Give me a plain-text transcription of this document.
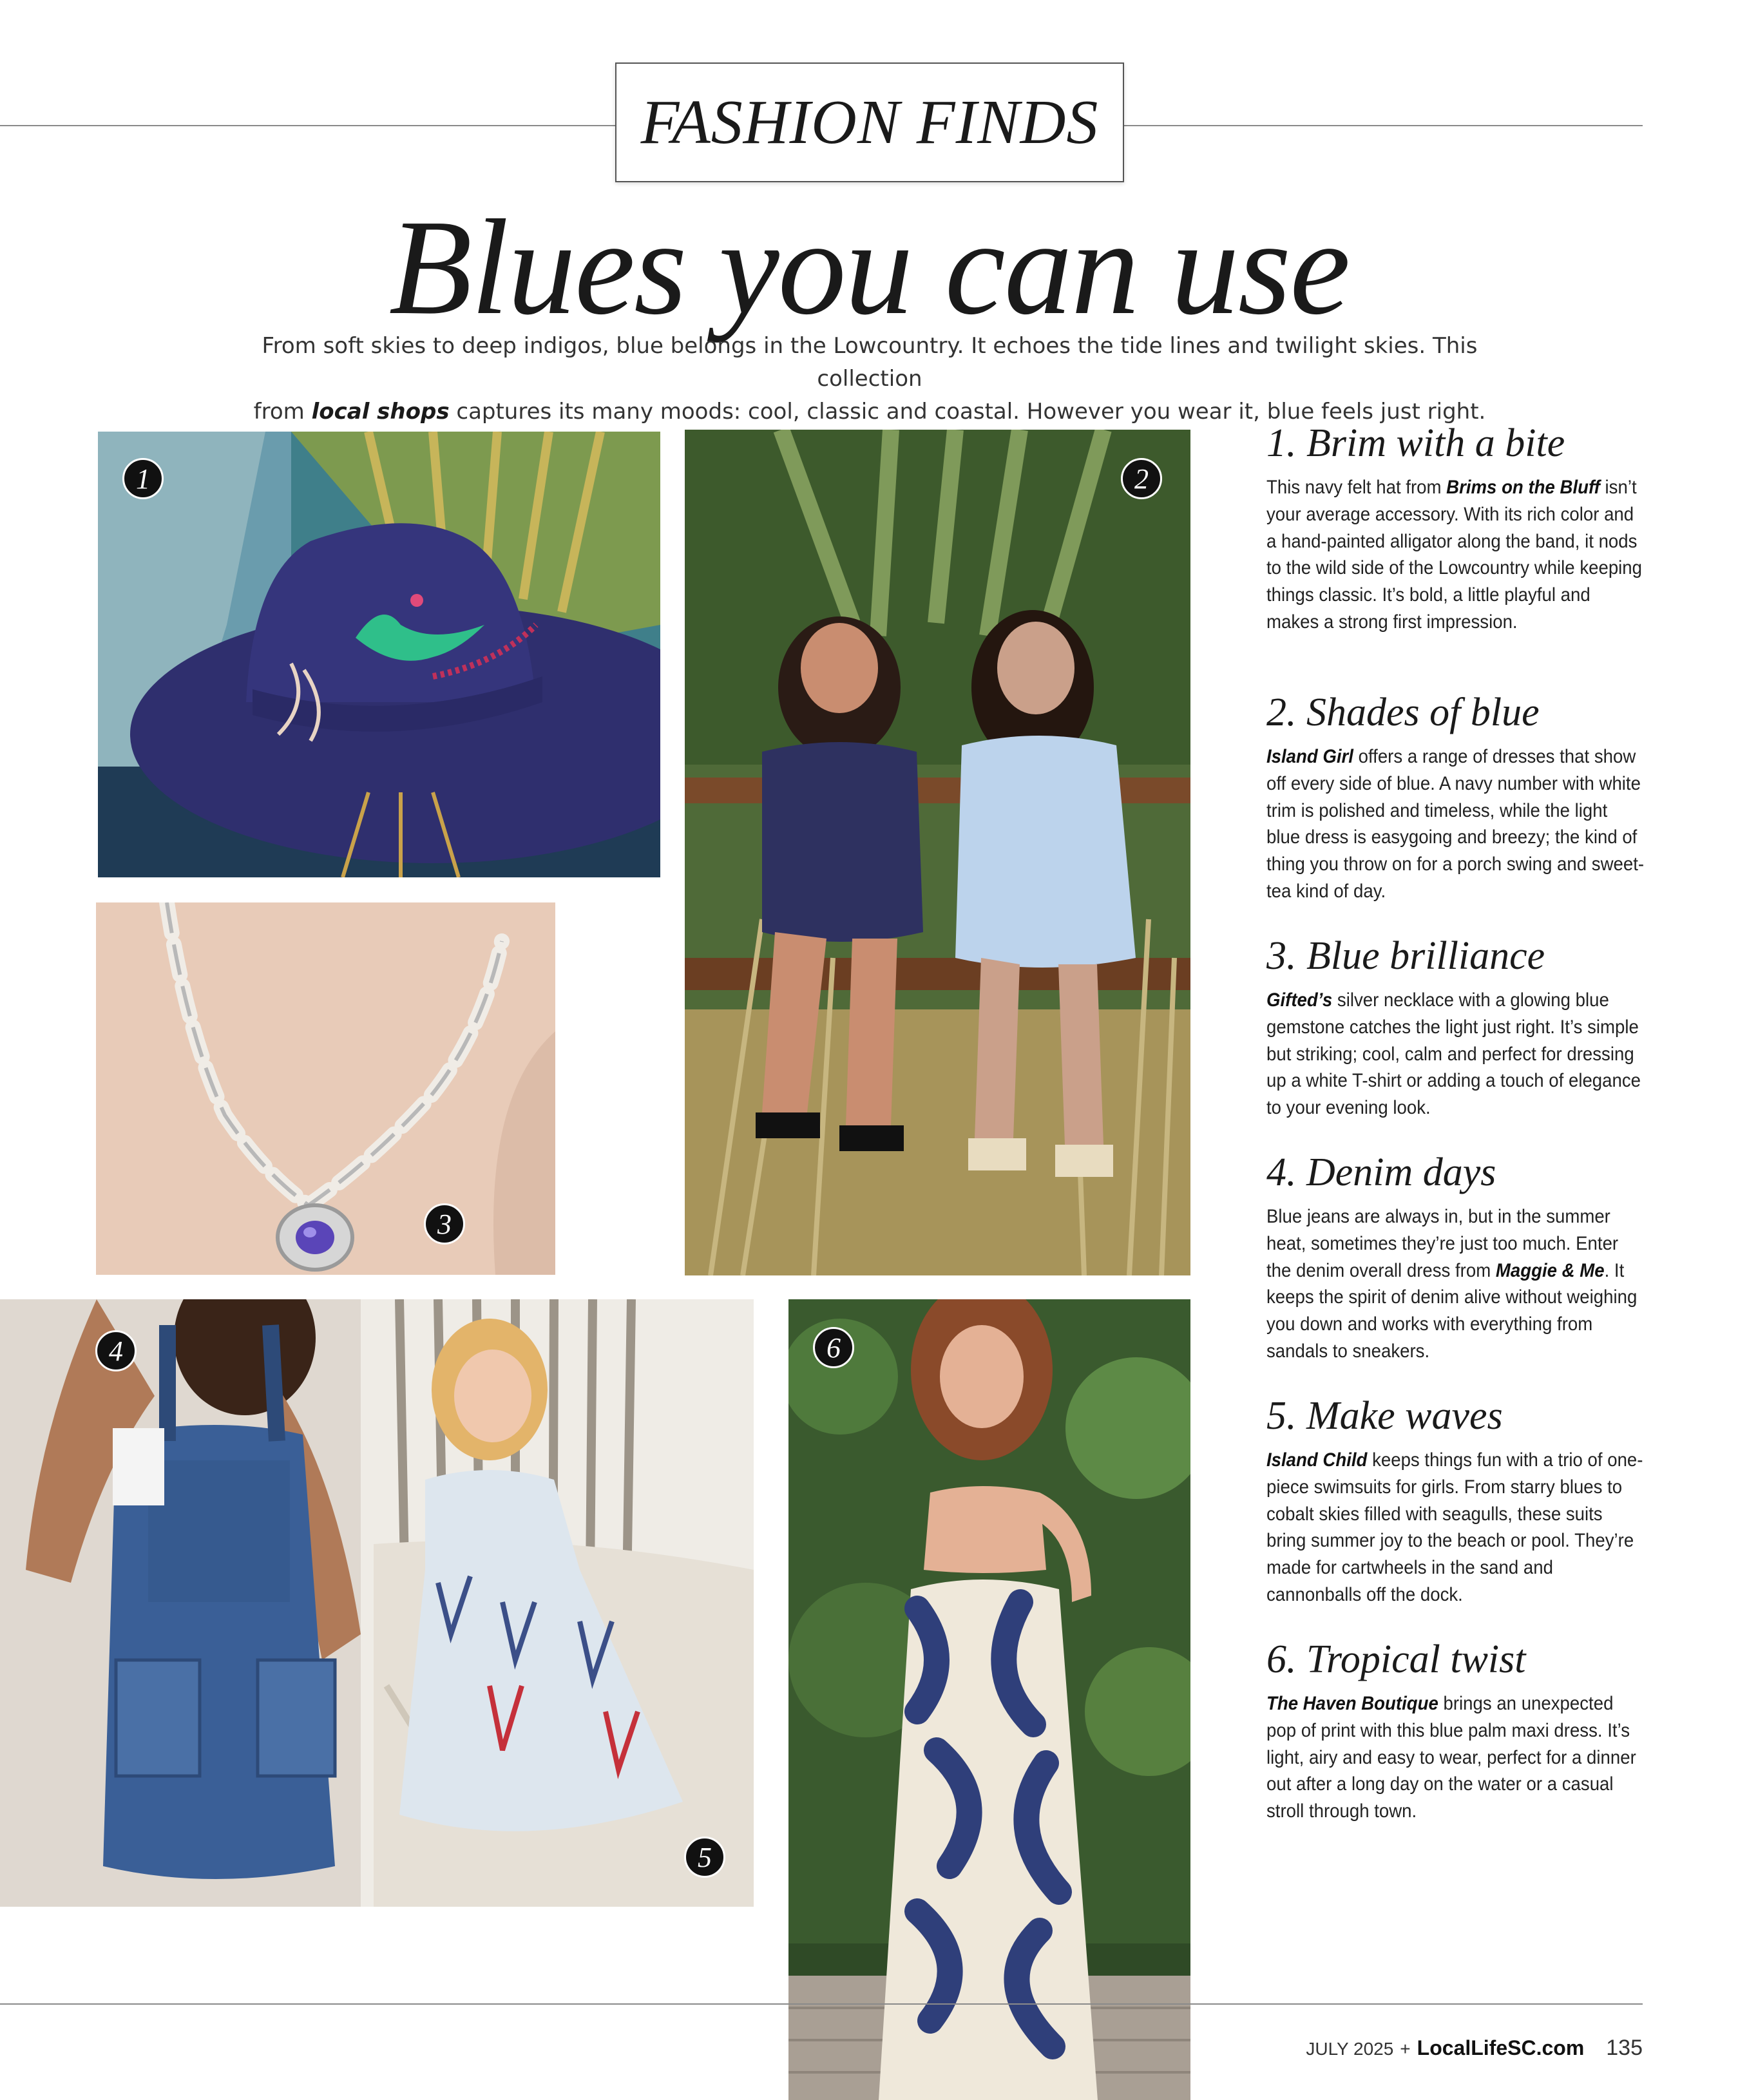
FASHION FINDS
Blues you can use
From soft skies to deep indigos, blue belongs in the Lowcountry. It echoes the tide lines and twilight skies. This collection
from local shops captures its many moods: cool, classic and coastal. However you wear it, blue feels just right.
1	2
3
4
5
6
1. Brim with a bite
This navy felt hat from Brims on the Bluff isn’t your average accessory. With its rich color and a hand-painted alligator along the band, it nods to the wild side of the Lowcountry while keeping things classic. It’s bold, a little playful and makes a strong first impression.
2. Shades of blue
Island Girl offers a range of dresses that show off every side of blue. A navy number with white trim is polished and timeless, while the light blue dress is easygoing and breezy; the kind of thing you throw on for a porch swing and sweet-tea kind of day.
3. Blue brilliance
Gifted’s silver necklace with a glowing blue gemstone catches the light just right. It’s simple but striking; cool, calm and perfect for dressing up a white T-shirt or adding a touch of elegance to your evening look.
4. Denim days
Blue jeans are always in, but in the summer heat, sometimes they’re just too much. Enter the denim overall dress from Maggie & Me. It keeps the spirit of denim alive without weighing you down and works with everything from sandals to sneakers.
5. Make waves
Island Child keeps things fun with a trio of one-piece swimsuits for girls. From starry blues to cobalt skies filled with seagulls, these suits bring summer joy to the beach or pool. They’re made for cartwheels in the sand and cannonballs off the dock.
6. Tropical twist
The Haven Boutique brings an unexpected pop of print with this blue palm maxi dress. It’s light, airy and easy to wear, perfect for a dinner out after a long day on the water or a casual stroll through town.
JULY 2025 + LocalLifeSC.com 135
